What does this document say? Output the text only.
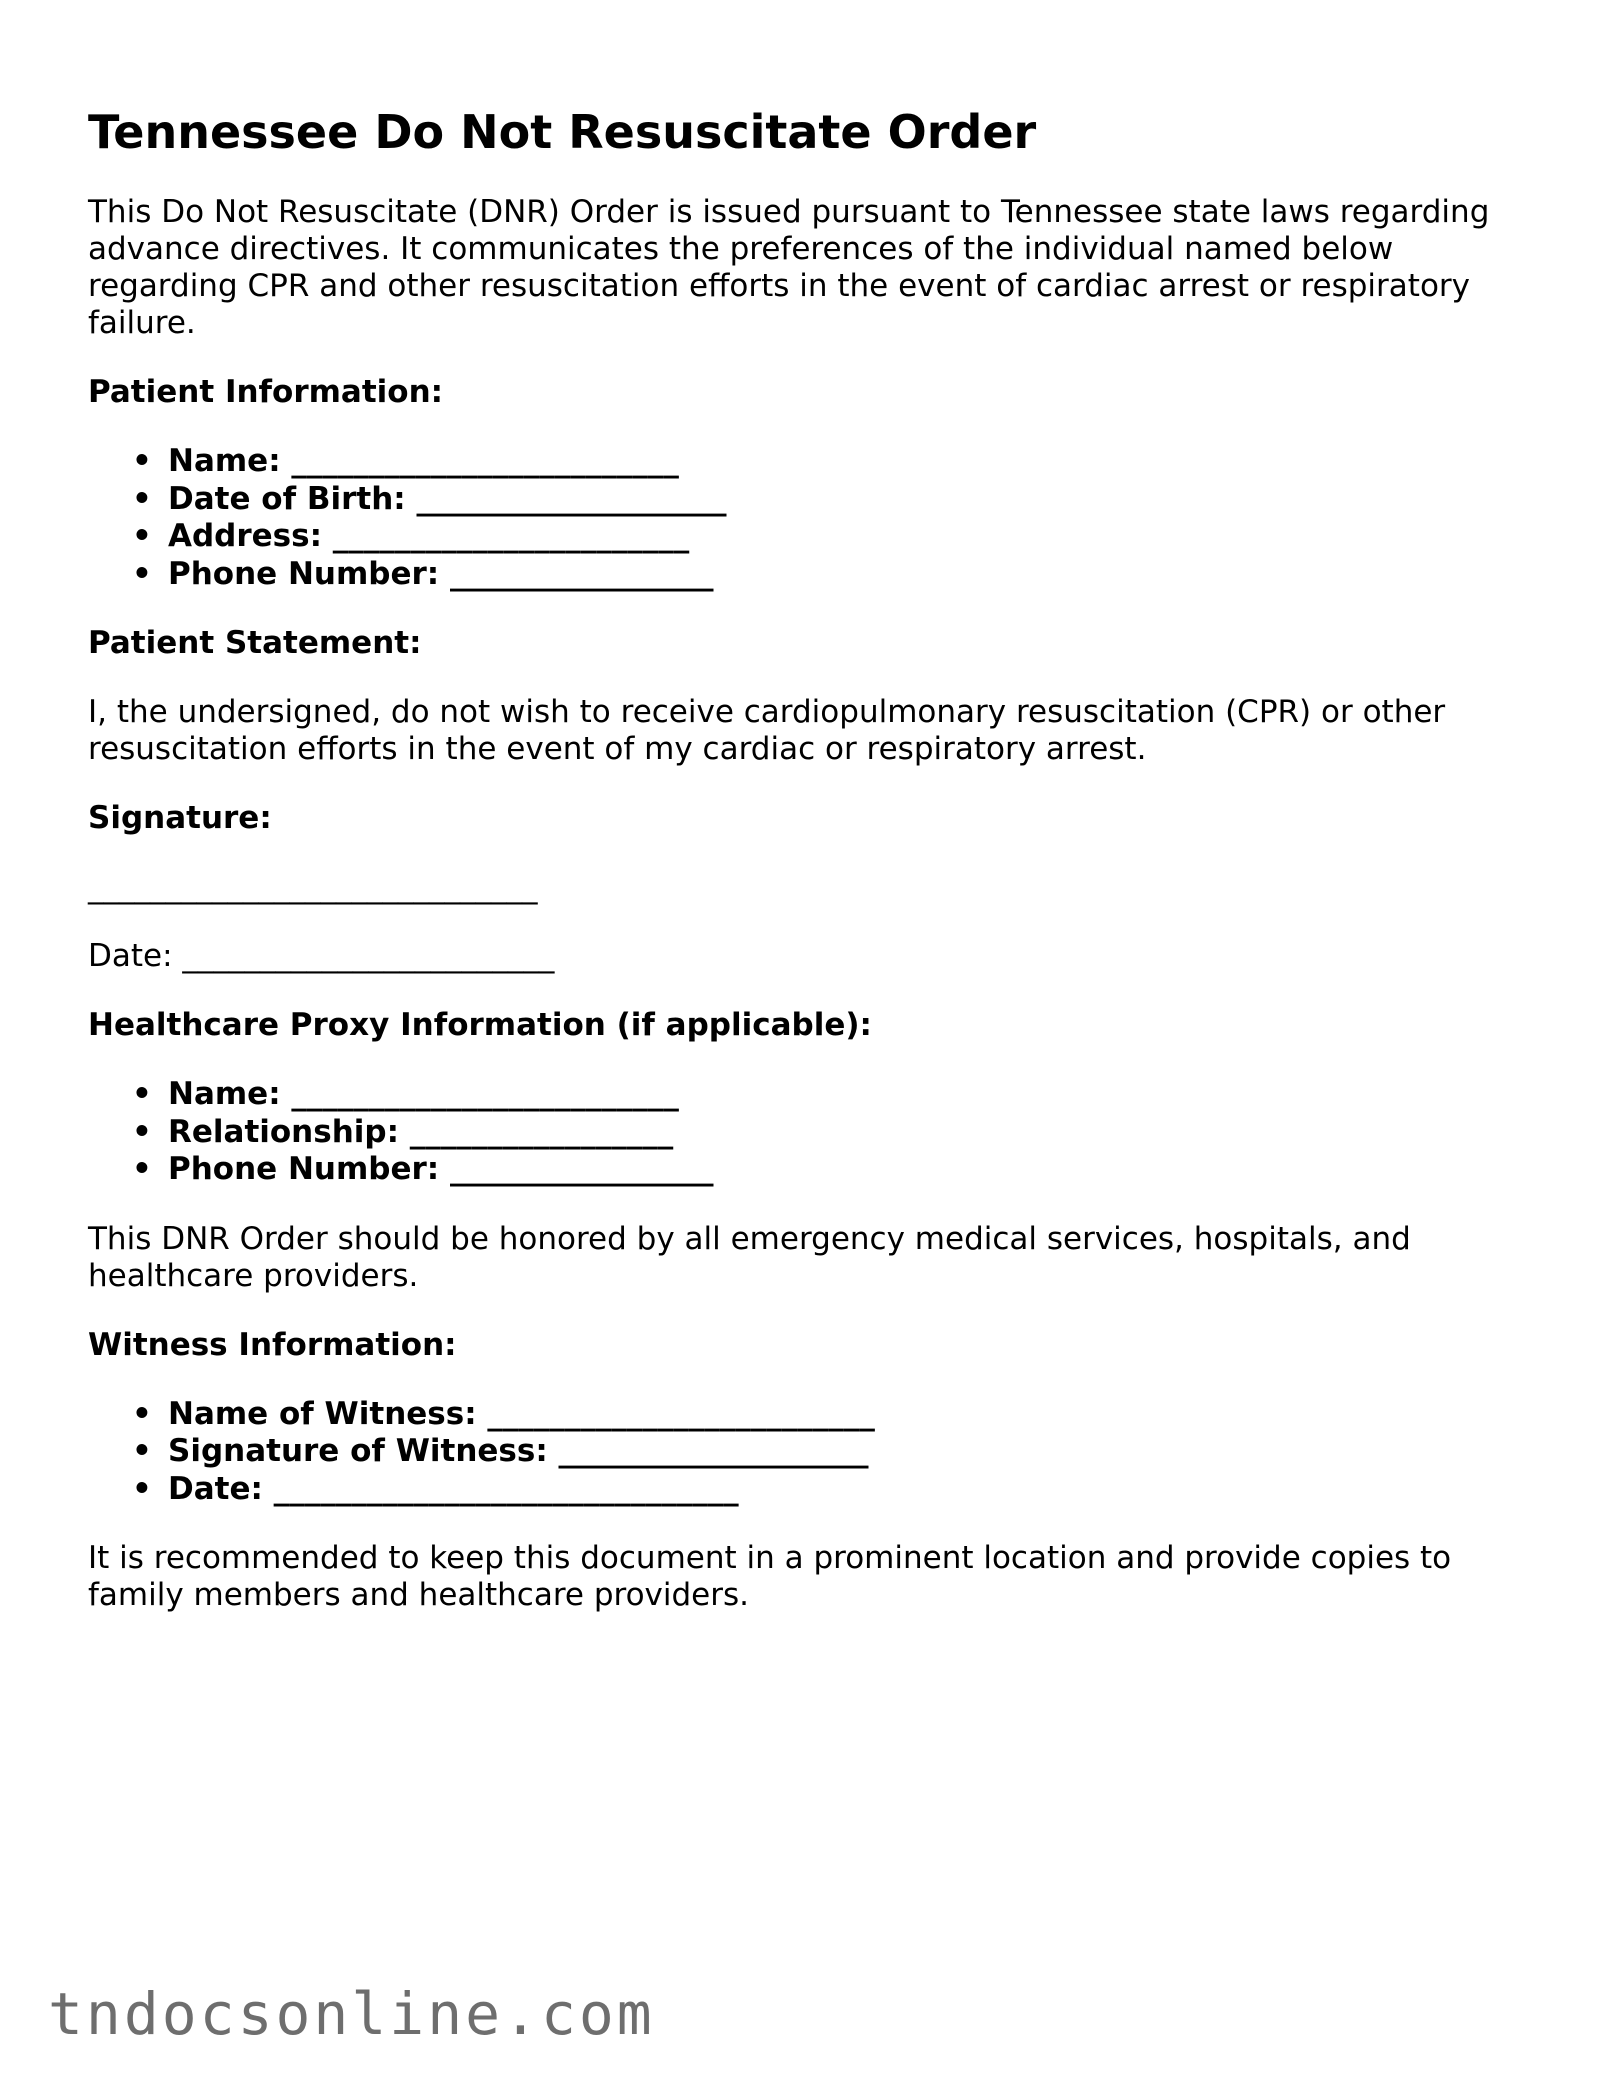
Tennessee Do Not Resuscitate Order

This Do Not Resuscitate (DNR) Order is issued pursuant to Tennessee state laws regarding advance directives. It communicates the preferences of the individual named below regarding CPR and other resuscitation efforts in the event of cardiac arrest or respiratory failure.

Patient Information:
• Name: _________________________
• Date of Birth: ____________________
• Address: _______________________
• Phone Number: _________________
Patient Statement:

I, the undersigned, do not wish to receive cardiopulmonary resuscitation (CPR) or other resuscitation efforts in the event of my cardiac or respiratory arrest.

Signature:
_____________________________
Date: ________________________
Healthcare Proxy Information (if applicable):
• Name: _________________________
• Relationship: _________________
• Phone Number: _________________

This DNR Order should be honored by all emergency medical services, hospitals, and healthcare providers.

Witness Information:
• Name of Witness: _________________________
• Signature of Witness: ____________________
• Date: ______________________________

It is recommended to keep this document in a prominent location and provide copies to family members and healthcare providers.

tndocsonline.com
